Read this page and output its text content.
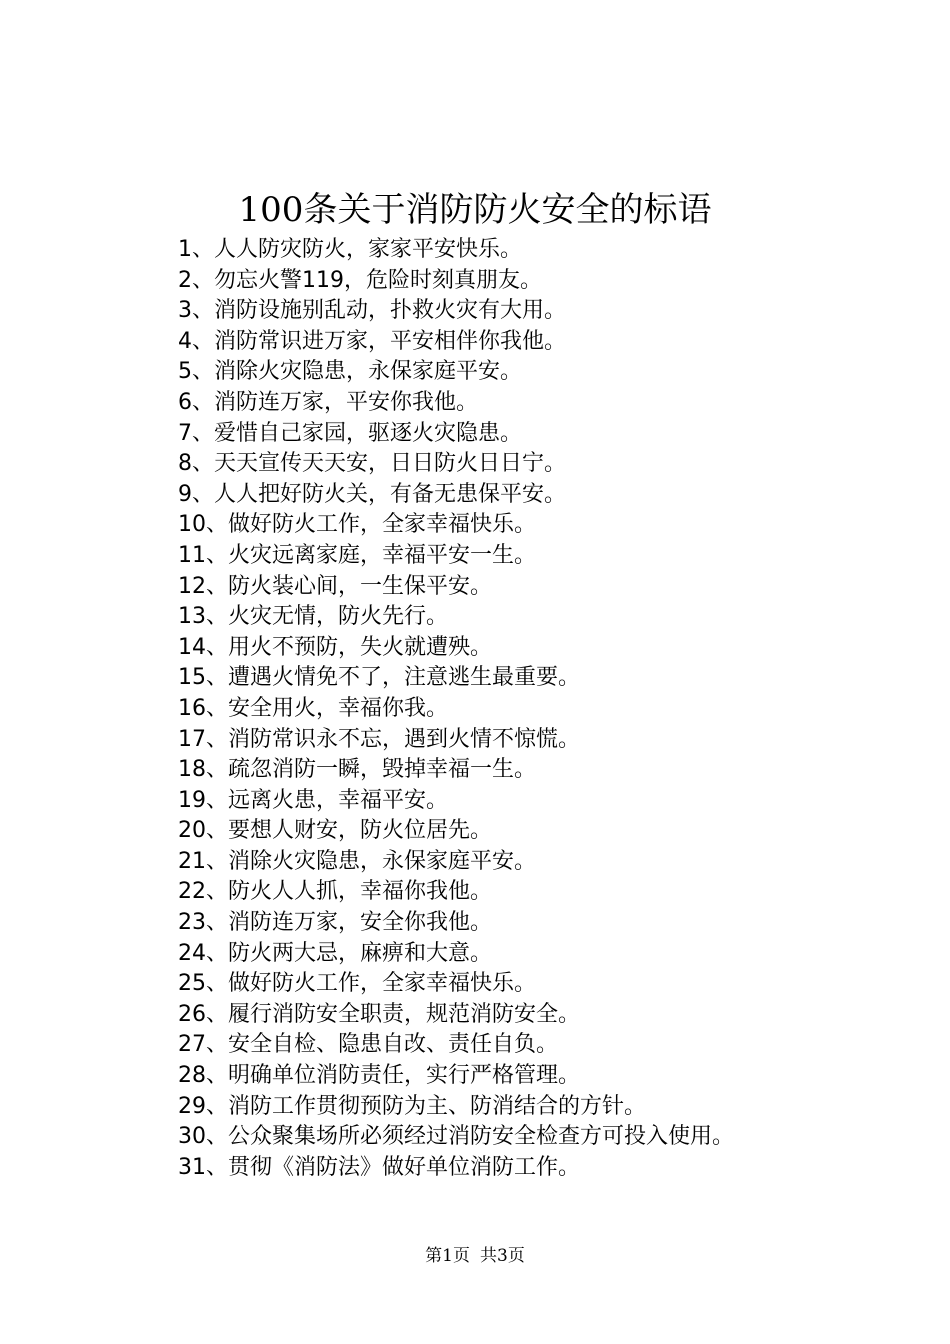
100条关于消防防火安全的标语
1、人人防灾防火，家家平安快乐。
2、勿忘火警119，危险时刻真朋友。
3、消防设施别乱动，扑救火灾有大用。
4、消防常识进万家，平安相伴你我他。
5、消除火灾隐患，永保家庭平安。
6、消防连万家，平安你我他。
7、爱惜自己家园，驱逐火灾隐患。
8、天天宣传天天安，日日防火日日宁。
9、人人把好防火关，有备无患保平安。
10、做好防火工作，全家幸福快乐。
11、火灾远离家庭，幸福平安一生。
12、防火装心间，一生保平安。
13、火灾无情，防火先行。
14、用火不预防，失火就遭殃。
15、遭遇火情免不了，注意逃生最重要。
16、安全用火，幸福你我。
17、消防常识永不忘，遇到火情不惊慌。
18、疏忽消防一瞬，毁掉幸福一生。
19、远离火患，幸福平安。
20、要想人财安，防火位居先。
21、消除火灾隐患，永保家庭平安。
22、防火人人抓，幸福你我他。
23、消防连万家，安全你我他。
24、防火两大忌，麻痹和大意。
25、做好防火工作，全家幸福快乐。
26、履行消防安全职责，规范消防安全。
27、安全自检、隐患自改、责任自负。
28、明确单位消防责任，实行严格管理。
29、消防工作贯彻预防为主、防消结合的方针。
30、公众聚集场所必须经过消防安全检查方可投入使用。
31、贯彻《消防法》做好单位消防工作。
第1页 共3页
